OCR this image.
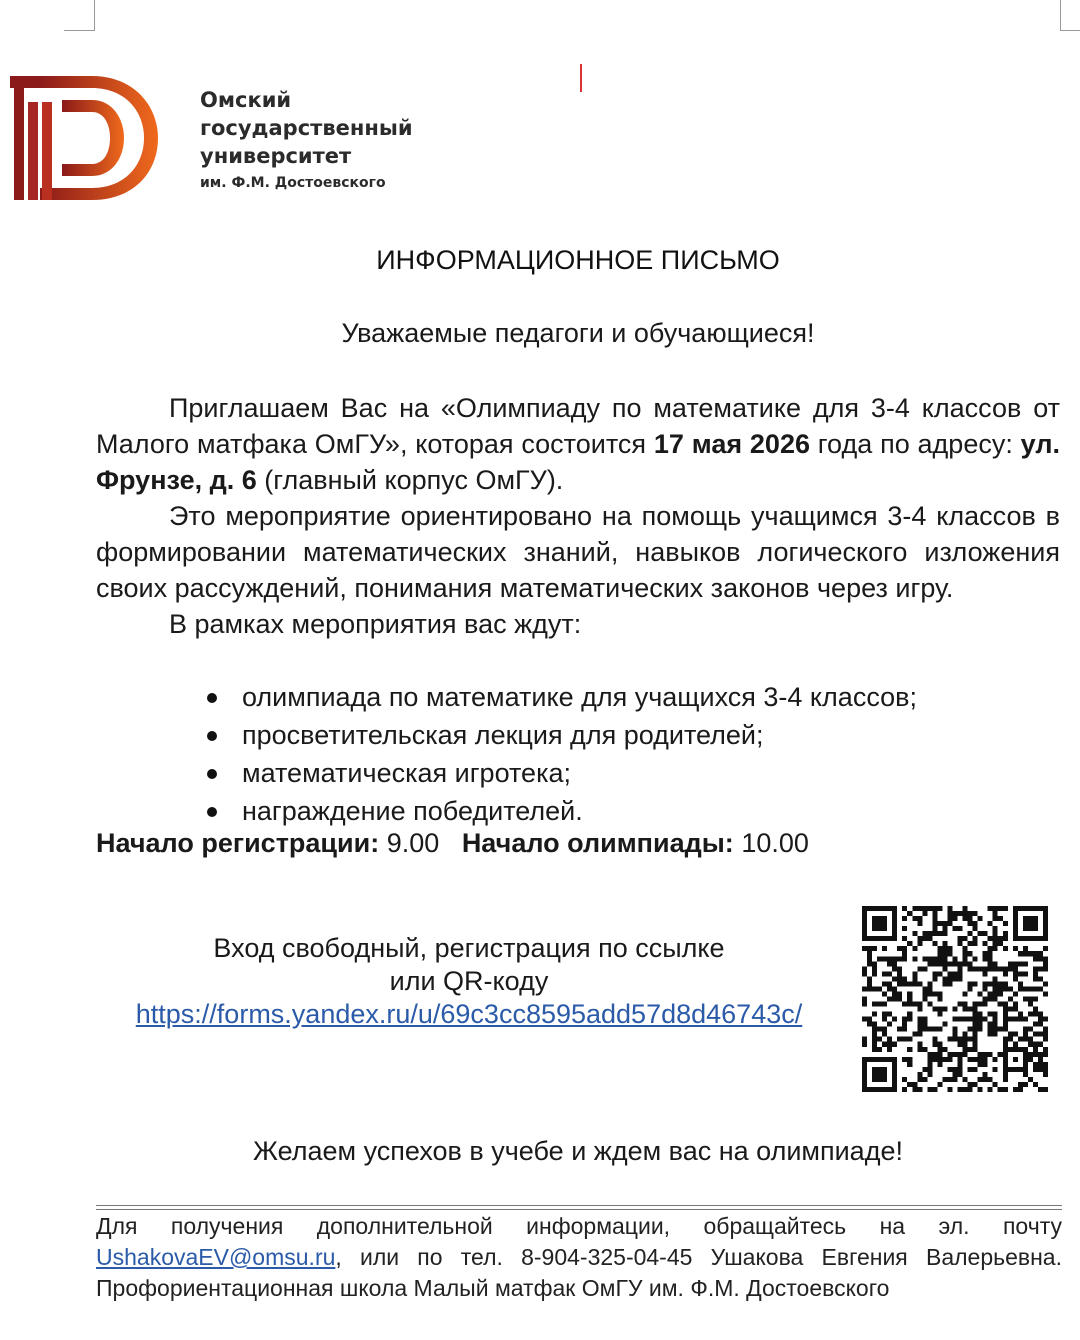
Омский
государственный
университет
им. Ф.М. Достоевского
ИНФОРМАЦИОННОЕ ПИСЬМО
Уважаемые педагоги и обучающиеся!

Приглашаем Вас на «Олимпиаду по математике для 3-4 классов от Малого матфака ОмГУ», которая состоится 17 мая 2026 года по адресу: ул. Фрунзе, д. 6 (главный корпус ОмГУ).

Это мероприятие ориентировано на помощь учащимся 3-4 классов в формировании математических знаний, навыков логического изложения своих рассуждений, понимания математических законов через игру.

В рамках мероприятия вас ждут:

олимпиада по математике для учащихся 3-4 классов;
просветительская лекция для родителей;
математическая игротека;
награждение победителей.
Начало регистрации: 9.00 Начало олимпиады: 10.00
Вход свободный, регистрация по ссылке
или QR-коду
https://forms.yandex.ru/u/69c3cc8595add57d8d46743c/
Желаем успехов в учебе и ждем вас на олимпиаде!
Для получения дополнительной информации, обращайтесь на эл. почту UshakovaEV@omsu.ru, или по тел. 8-904-325-04-45 Ушакова Евгения Валерьевна. Профориентационная школа Малый матфак ОмГУ им. Ф.М. Достоевского
